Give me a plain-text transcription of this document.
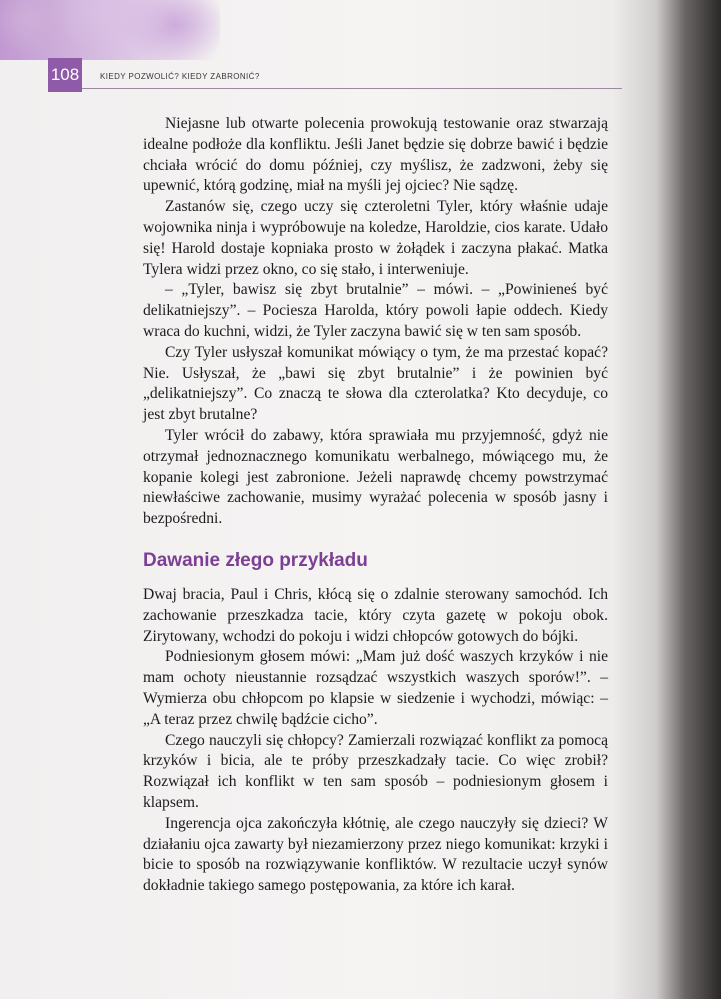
108	KIEDY POZWOLIĆ? KIEDY ZABRONIĆ?

Niejasne lub otwarte polecenia prowokują testowanie oraz stwarzają idealne podłoże dla konfliktu. Jeśli Janet będzie się dobrze bawić i będzie chciała wrócić do domu później, czy myślisz, że zadzwoni, żeby się upewnić, którą godzinę, miał na myśli jej ojciec? Nie sądzę.

Zastanów się, czego uczy się czteroletni Tyler, który właśnie udaje wojownika ninja i wypróbowuje na koledze, Haroldzie, cios karate. Udało się! Harold dostaje kopniaka prosto w żołądek i zaczyna płakać. Matka Tylera widzi przez okno, co się stało, i interweniuje.

– „Tyler, bawisz się zbyt brutalnie” – mówi. – „Powinieneś być delikatniejszy”. – Pociesza Harolda, który powoli łapie oddech. Kiedy wraca do kuchni, widzi, że Tyler zaczyna bawić się w ten sam sposób.

Czy Tyler usłyszał komunikat mówiący o tym, że ma przestać kopać? Nie. Usłyszał, że „bawi się zbyt brutalnie” i że powinien być „delikatniejszy”. Co znaczą te słowa dla czterolatka? Kto decyduje, co jest zbyt brutalne?

Tyler wrócił do zabawy, która sprawiała mu przyjemność, gdyż nie otrzymał jednoznacznego komunikatu werbalnego, mówiącego mu, że kopanie kolegi jest zabronione. Jeżeli naprawdę chcemy powstrzymać niewłaściwe zachowanie, musimy wyrażać polecenia w sposób jasny i bezpośredni.

Dawanie złego przykładu

Dwaj bracia, Paul i Chris, kłócą się o zdalnie sterowany samochód. Ich zachowanie przeszkadza tacie, który czyta gazetę w pokoju obok. Zirytowany, wchodzi do pokoju i widzi chłopców gotowych do bójki.

Podniesionym głosem mówi: „Mam już dość waszych krzyków i nie mam ochoty nieustannie rozsądzać wszystkich waszych sporów!”. – Wymierza obu chłopcom po klapsie w siedzenie i wychodzi, mówiąc: – „A teraz przez chwilę bądźcie cicho”.

Czego nauczyli się chłopcy? Zamierzali rozwiązać konflikt za pomocą krzyków i bicia, ale te próby przeszkadzały tacie. Co więc zrobił? Rozwiązał ich konflikt w ten sam sposób – podniesionym głosem i klapsem.

Ingerencja ojca zakończyła kłótnię, ale czego nauczyły się dzieci? W działaniu ojca zawarty był niezamierzony przez niego komunikat: krzyki i bicie to sposób na rozwiązywanie konfliktów. W rezultacie uczył synów dokładnie takiego samego postępowania, za które ich karał.
